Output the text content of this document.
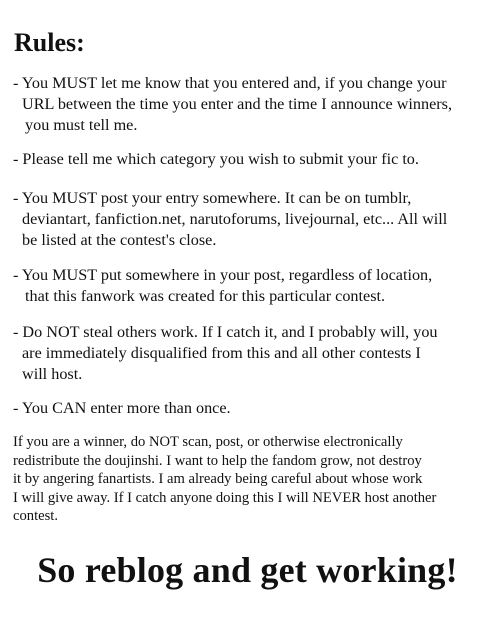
Rules:
- You MUST let me know that you entered and, if you change your
URL between the time you enter and the time I announce winners,
you must tell me.
- Please tell me which category you wish to submit your fic to.
- You MUST post your entry somewhere. It can be on tumblr,
deviantart, fanfiction.net, narutoforums, livejournal, etc... All will
be listed at the contest's close.
- You MUST put somewhere in your post, regardless of location,
that this fanwork was created for this particular contest.
- Do NOT steal others work. If I catch it, and I probably will, you
are immediately disqualified from this and all other contests I
will host.
- You CAN enter more than once.
If you are a winner, do NOT scan, post, or otherwise electronically
redistribute the doujinshi. I want to help the fandom grow, not destroy
it by angering fanartists. I am already being careful about whose work
I will give away. If I catch anyone doing this I will NEVER host another
contest.
So reblog and get working!
